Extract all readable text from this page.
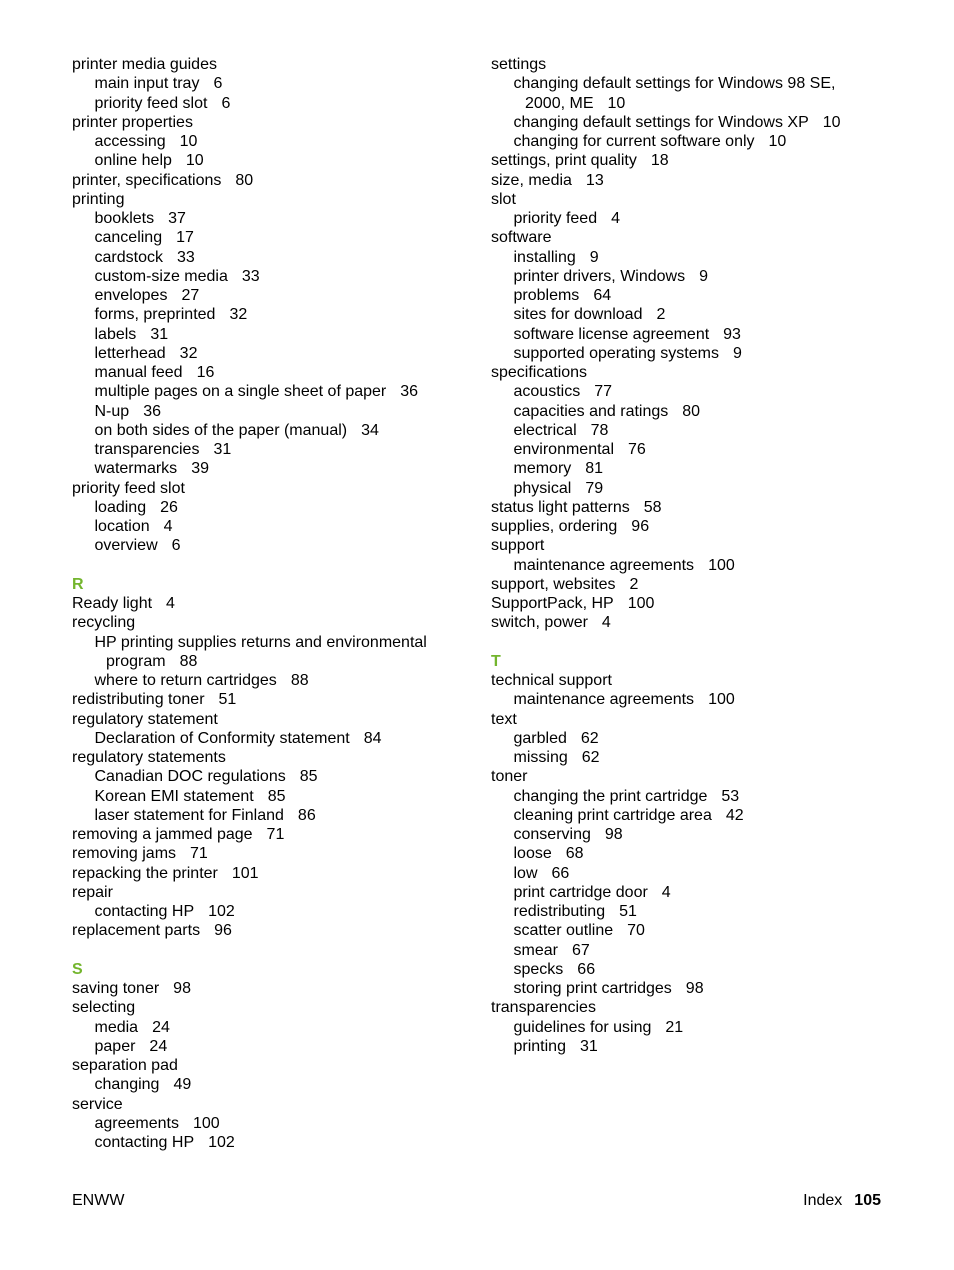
printer media guides
main input tray 6
priority feed slot 6
printer properties
accessing 10
online help 10
printer, specifications 80
printing
booklets 37
canceling 17
cardstock 33
custom-size media 33
envelopes 27
forms, preprinted 32
labels 31
letterhead 32
manual feed 16
multiple pages on a single sheet of paper 36
N-up 36
on both sides of the paper (manual) 34
transparencies 31
watermarks 39
priority feed slot
loading 26
location 4
overview 6
R
Ready light 4
recycling
HP printing supplies returns and environmental
program 88
where to return cartridges 88
redistributing toner 51
regulatory statement
Declaration of Conformity statement 84
regulatory statements
Canadian DOC regulations 85
Korean EMI statement 85
laser statement for Finland 86
removing a jammed page 71
removing jams 71
repacking the printer 101
repair
contacting HP 102
replacement parts 96
S
saving toner 98
selecting
media 24
paper 24
separation pad
changing 49
service
agreements 100
contacting HP 102
settings
changing default settings for Windows 98 SE,
2000, ME 10
changing default settings for Windows XP 10
changing for current software only 10
settings, print quality 18
size, media 13
slot
priority feed 4
software
installing 9
printer drivers, Windows 9
problems 64
sites for download 2
software license agreement 93
supported operating systems 9
specifications
acoustics 77
capacities and ratings 80
electrical 78
environmental 76
memory 81
physical 79
status light patterns 58
supplies, ordering 96
support
maintenance agreements 100
support, websites 2
SupportPack, HP 100
switch, power 4
T
technical support
maintenance agreements 100
text
garbled 62
missing 62
toner
changing the print cartridge 53
cleaning print cartridge area 42
conserving 98
loose 68
low 66
print cartridge door 4
redistributing 51
scatter outline 70
smear 67
specks 66
storing print cartridges 98
transparencies
guidelines for using 21
printing 31
ENWW	Index 105
